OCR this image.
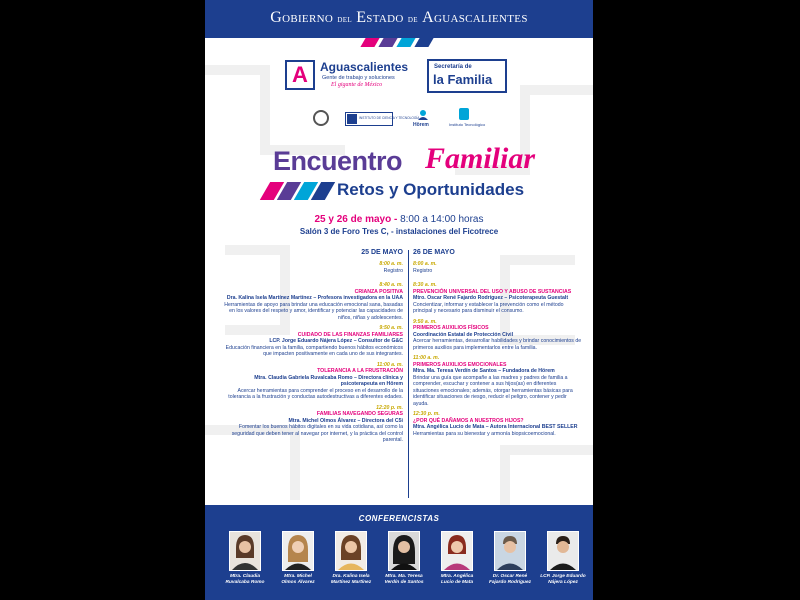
Gobierno del Estado de Aguascalientes
A	Aguascalientes
Gente de trabajo y soluciones
El gigante de México
Secretaría de
la Familia
INSTITUTO DE CIENCIA Y TECNOLOGÍA
Hörem	Instituto Tecnológico
Encuentro Familiar
Retos y Oportunidades
25 y 26 de mayo - 8:00 a 14:00 horas
Salón 3 de Foro Tres C, - instalaciones del Ficotrece
25 DE MAYO
8:00 a. m.
Registro
8:40 a. m.
CRIANZA POSITIVA
Dra. Kalina Isela Martínez Martínez – Profesora investigadora en la UAA
Herramientas de apoyo para brindar una educación emocional sana, basadas en los valores del respeto y amor, identificar y potenciar las capacidades de niños, niñas y adolescentes.
9:50 a. m.
CUIDADO DE LAS FINANZAS FAMILIARES
LCP. Jorge Eduardo Nájera López – Consultor de G&C
Educación financiera en la familia, compartiendo buenos hábitos económicos que impacten positivamente en cada uno de sus integrantes.
11:00 a. m.
TOLERANCIA A LA FRUSTRACIÓN
Mtra. Claudia Gabriela Ruvalcaba Romo – Directora clínica y psicoterapeuta en Hörem
Acercar herramientas para comprender el proceso en el desarrollo de la tolerancia a la frustración y conductas autodestructivas a diferentes edades.
12:20 p. m.
FAMILIAS NAVEGANDO SEGURAS
Mtra. Michel Olmos Álvarez – Directora del C5i
Fomentar los buenos hábitos digitales en su vida cotidiana, así como la seguridad que deben tener al navegar por internet, y la práctica del control parental.
26 DE MAYO
8:00 a. m.
Registro
8:30 a. m.
PREVENCIÓN UNIVERSAL DEL USO Y ABUSO DE SUSTANCIAS
Mtro. Oscar René Fajardo Rodríguez – Psicoterapeuta Guestalt
Concientizar, informar y establecer la prevención como el método principal y necesario para disminuir el consumo.
9:50 a. m.
PRIMEROS AUXILIOS FÍSICOS
Coordinación Estatal de Protección Civil
Acercar herramientas, desarrollar habilidades y brindar conocimientos de primeros auxilios para implementarlos entre la familia.
11:00 a. m.
PRIMEROS AUXILIOS EMOCIONALES
Mtra. Ma. Teresa Verdín de Santos – Fundadora de Hörem
Brindar una guía que acompañe a las madres y padres de familia a comprender, escuchar y contener a sus hijos(as) en diferentes situaciones emocionales; además, otorgar herramientas básicas para identificar situaciones de riesgo, reducir el peligro, contener y pedir ayuda.
12:30 p. m.
¿POR QUÉ DAÑAMOS A NUESTROS HIJOS?
Mtra. Angélica Lucio de Mata – Autora Internacional BEST SELLER
Herramientas para su bienestar y armonía biopsicoemocional.
CONFERENCISTAS
Mtra. Claudia
Ruvalcaba Romo
Mtra. Michel
Olmos Álvarez
Dra. Kalina Isela
Martínez Martínez
Mtra. Ma. Teresa
Verdín de Santos
Mtra. Angélica
Lucio de Mata
Dr. Oscar René
Fajardo Rodríguez
LCP. Jorge Eduardo
Nájera López
